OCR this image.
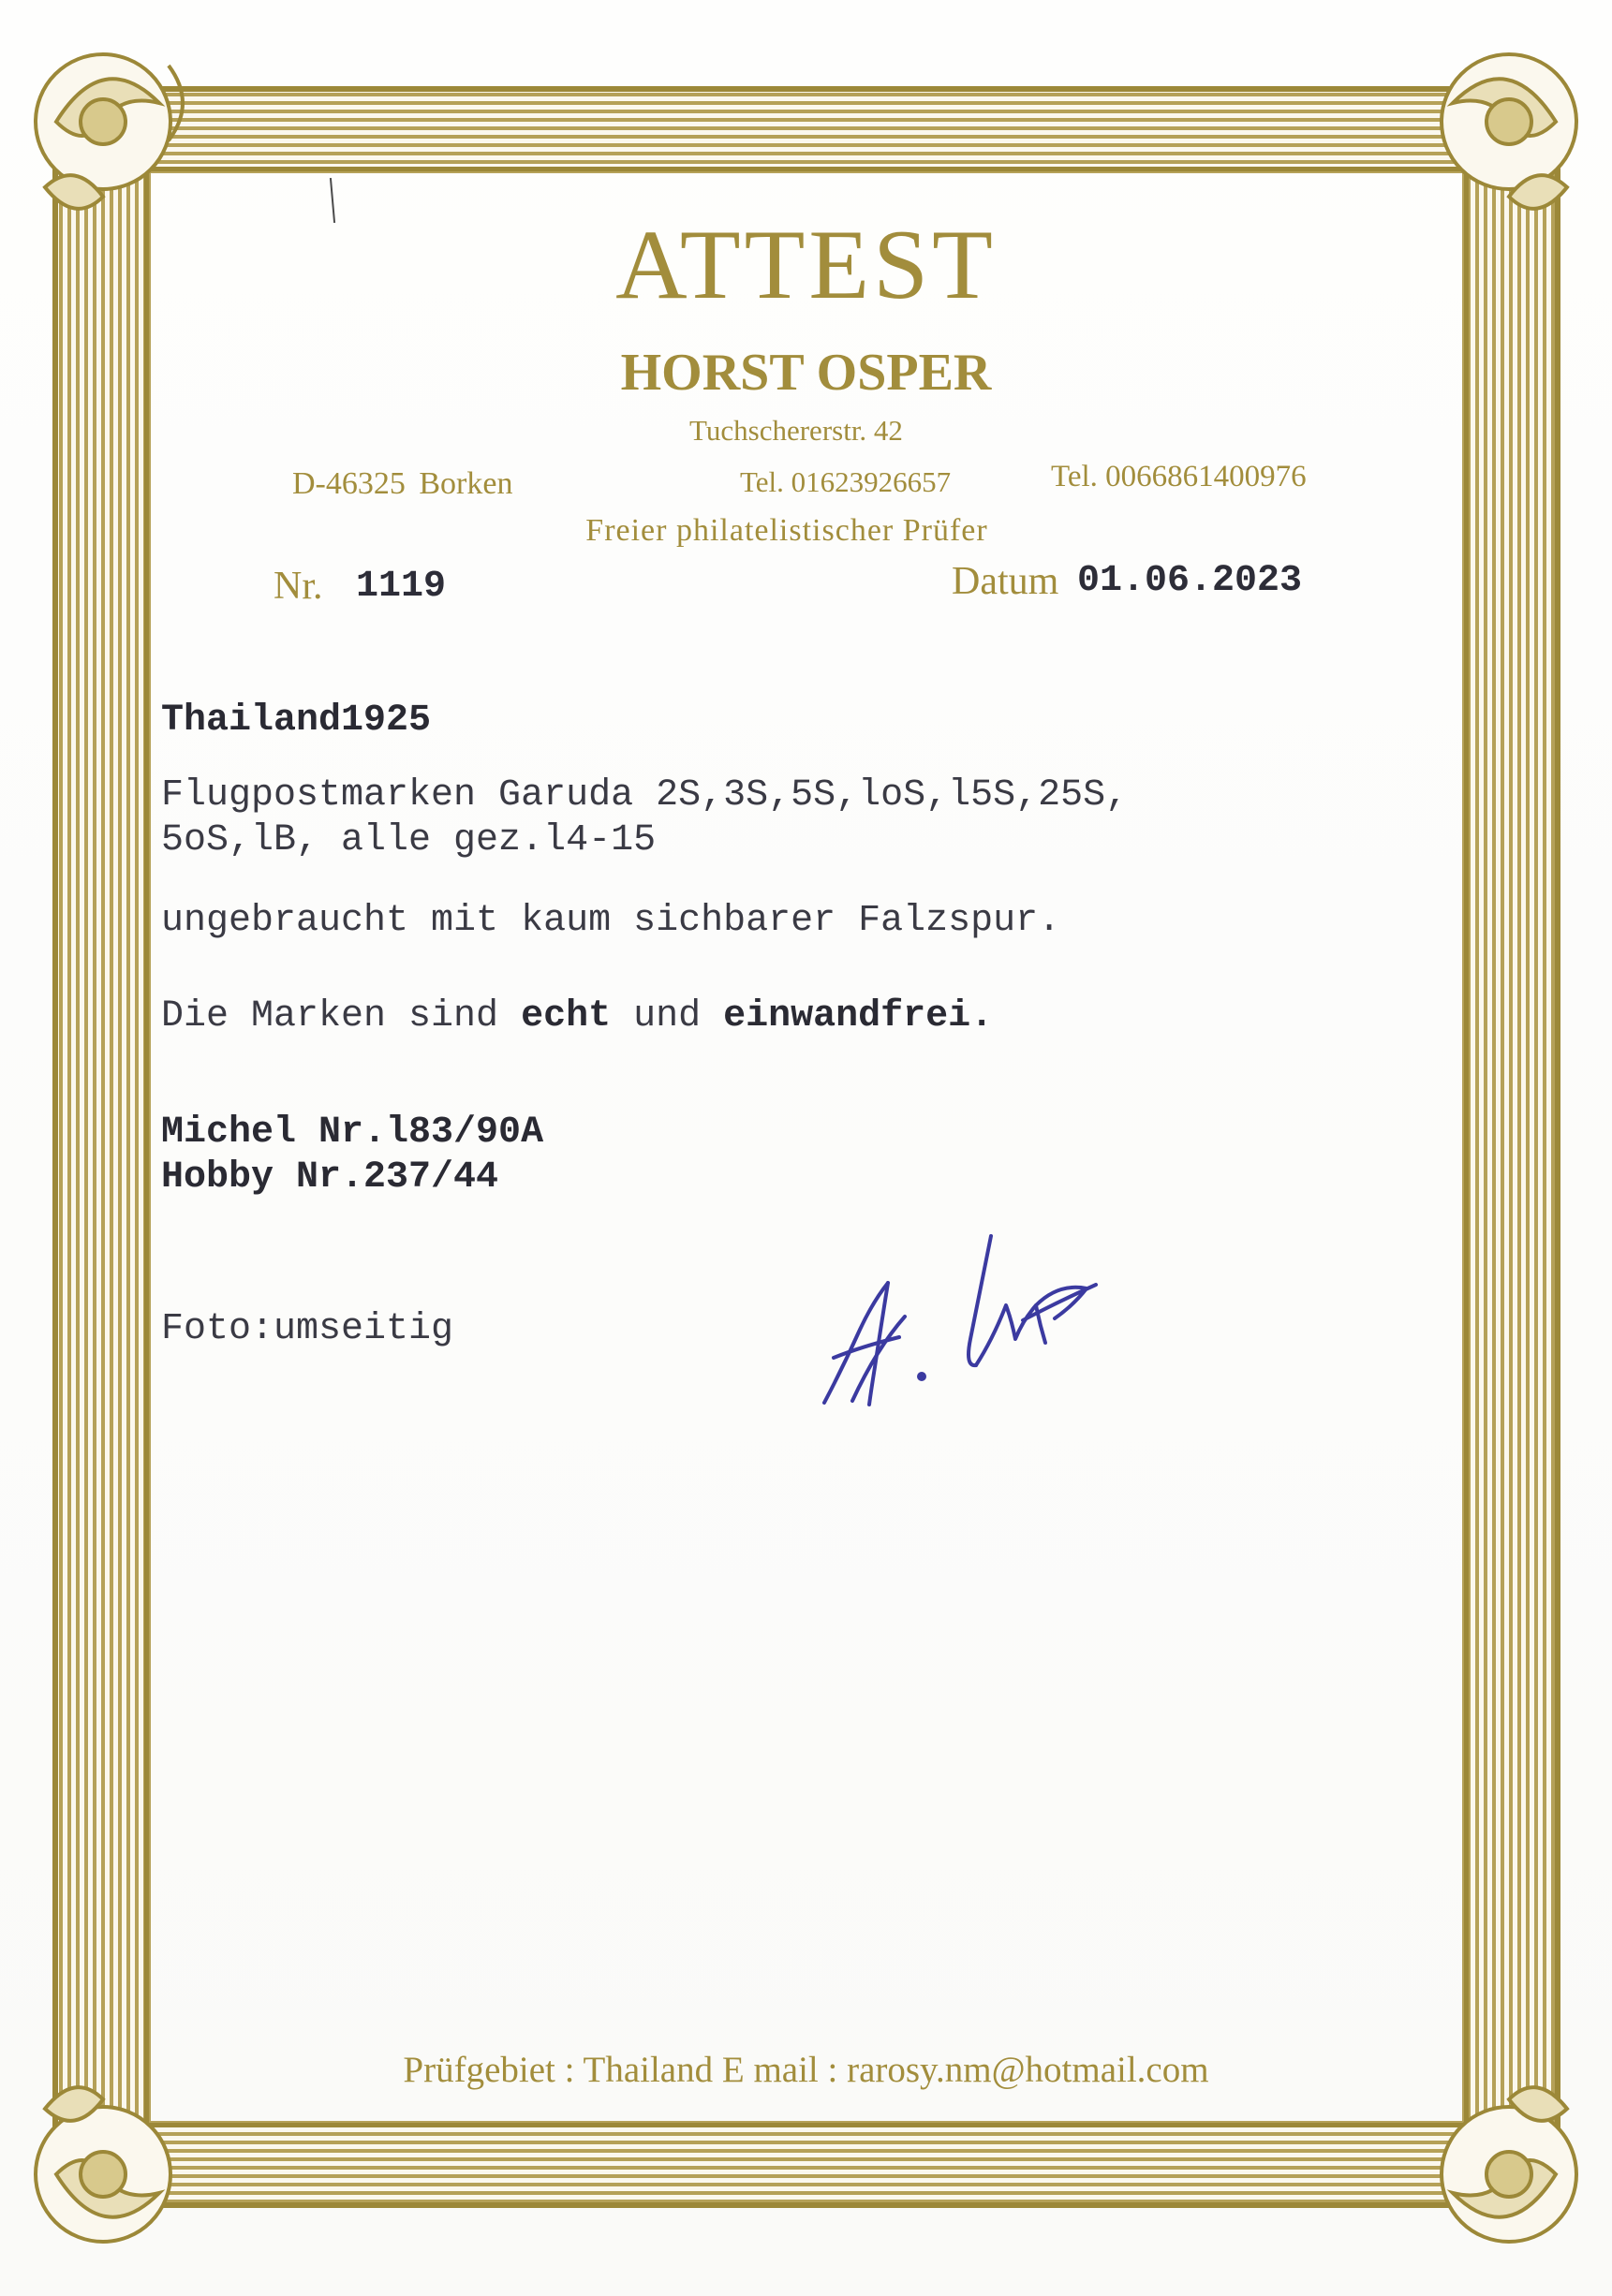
ATTEST
HORST OSPER
Tuchschererstr. 42
D-46325 Borken	Tel. 01623926657	Tel. 0066861400976
Freier philatelistischer Prüfer
Nr. 1119	Datum 01.06.2023
Thailand1925
Flugpostmarken Garuda 2S,3S,5S,loS,l5S,25S,
5oS,lB, alle gez.l4-15
ungebraucht mit kaum sichbarer Falzspur.
Die Marken sind echt und einwandfrei.
Michel Nr.l83/90A
Hobby Nr.237/44
Foto:umseitig
Prüfgebiet : Thailand E mail : rarosy.nm@hotmail.com
